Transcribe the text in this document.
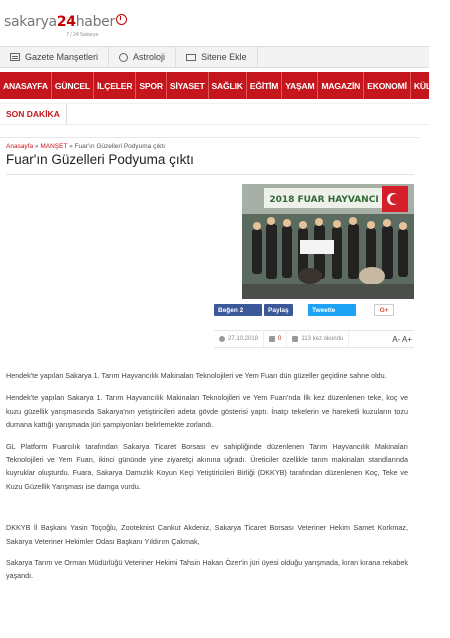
sakarya24haber
7 / 24 Sakarya
Gazete Manşetleri	Astroloji	Sitene Ekle
ANASAYFA GÜNCEL İLÇELER SPOR SİYASET SAĞLIK EĞİTİM YAŞAM MAGAZİN EKONOMİ KÜLTÜR
SON DAKİKA
Anasayfa » MANŞET » Fuar'ın Güzelleri Podyuma çıktı
Fuar'ın Güzelleri Podyuma çıktı
2018 FUAR HAYVANCI
Beğen 2	Paylaş	Tweetle	G+
27.10.2018	0	113 kez okundu	A- A+

Hendek'te yapılan Sakarya 1. Tarım Hayvancılık Makinaları Teknolojileri ve Yem Fuarı dün güzeller geçidine sahne oldu.

Hendek'te yapılan Sakarya 1. Tarım Hayvancılık Makinaları Teknolojileri ve Yem Fuarı'nda İlk kez düzenlenen teke, koç ve kuzu güzellik yarışmasında Sakarya'nın yetiştiricileri adeta gövde gösterisi yaptı. İnatçı tekelerin ve hareketli kuzuların tozu dumana kattığı yarışmada jüri şampiyonları belirlemekte zorlandı.

GL Platform Fuarcılık tarafından Sakarya Ticaret Borsası ev sahipliğinde düzenlenen Tarım Hayvancılık Makinaları Teknolojileri ve Yem Fuarı, ikinci gününde yine ziyaretçi akınına uğradı. Üreticiler özellikle tarım makinaları standlarında kuyruklar oluşturdu. Fuara, Sakarya Damızlık Koyun Keçi Yetiştiricileri Birliği (DKKYB) tarafından düzenlenen Koç, Teke ve Kuzu Güzellik Yarışması ise damga vurdu.

DKKYB İl Başkanı Yasin Toçoğlu, Zooteknist Cankut Akdeniz, Sakarya Ticaret Borsası Veteriner Hekim Samet Korkmaz, Sakarya Veteriner Hekimler Odası Başkanı Yıldırım Çakmak,

Sakarya Tarım ve Orman Müdürlüğü Veteriner Hekimi Tahsin Hakan Özer'in jüri üyesi olduğu yarışmada, kıran kırana rekabek yaşandı.
